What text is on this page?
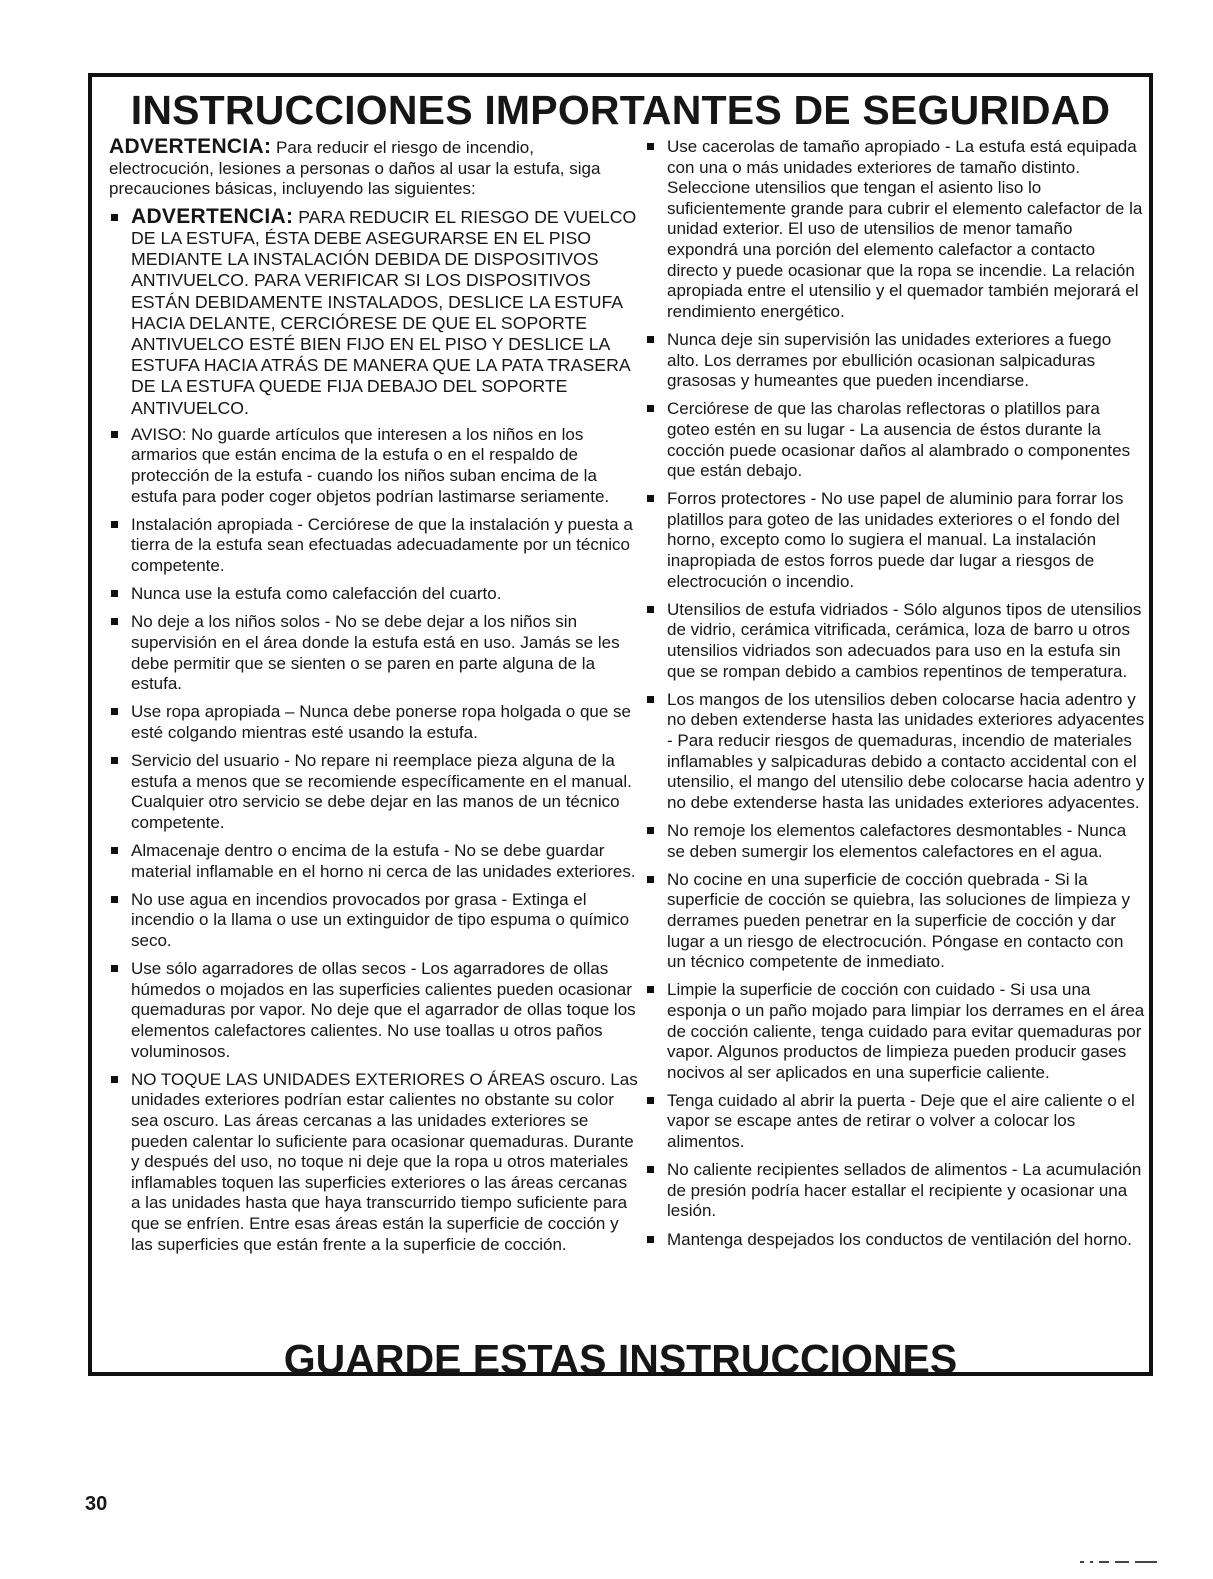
INSTRUCCIONES IMPORTANTES DE SEGURIDAD

ADVERTENCIA: Para reducir el riesgo de incendio, electrocución, lesiones a personas o daños al usar la estufa, siga precauciones básicas, incluyendo las siguientes:

ADVERTENCIA: PARA REDUCIR EL RIESGO DE VUELCO DE LA ESTUFA, ÉSTA DEBE ASEGURARSE EN EL PISO MEDIANTE LA INSTALACIÓN DEBIDA DE DISPOSITIVOS ANTIVUELCO. PARA VERIFICAR SI LOS DISPOSITIVOS ESTÁN DEBIDAMENTE INSTALADOS, DESLICE LA ESTUFA HACIA DELANTE, CERCIÓRESE DE QUE EL SOPORTE ANTIVUELCO ESTÉ BIEN FIJO EN EL PISO Y DESLICE LA ESTUFA HACIA ATRÁS DE MANERA QUE LA PATA TRASERA DE LA ESTUFA QUEDE FIJA DEBAJO DEL SOPORTE ANTIVUELCO.
AVISO: No guarde artículos que interesen a los niños en los armarios que están encima de la estufa o en el respaldo de protección de la estufa - cuando los niños suban encima de la estufa para poder coger objetos podrían lastimarse seriamente.
Instalación apropiada - Cerciórese de que la instalación y puesta a tierra de la estufa sean efectuadas adecuadamente por un técnico competente.
Nunca use la estufa como calefacción del cuarto.
No deje a los niños solos - No se debe dejar a los niños sin supervisión en el área donde la estufa está en uso. Jamás se les debe permitir que se sienten o se paren en parte alguna de la estufa.
Use ropa apropiada – Nunca debe ponerse ropa holgada o que se esté colgando mientras esté usando la estufa.
Servicio del usuario - No repare ni reemplace pieza alguna de la estufa a menos que se recomiende específicamente en el manual. Cualquier otro servicio se debe dejar en las manos de un técnico competente.
Almacenaje dentro o encima de la estufa - No se debe guardar material inflamable en el horno ni cerca de las unidades exteriores.
No use agua en incendios provocados por grasa - Extinga el incendio o la llama o use un extinguidor de tipo espuma o químico seco.
Use sólo agarradores de ollas secos - Los agarradores de ollas húmedos o mojados en las superficies calientes pueden ocasionar quemaduras por vapor. No deje que el agarrador de ollas toque los elementos calefactores calientes. No use toallas u otros paños voluminosos.
NO TOQUE LAS UNIDADES EXTERIORES O ÁREAS oscuro. Las unidades exteriores podrían estar calientes no obstante su color sea oscuro. Las áreas cercanas a las unidades exteriores se pueden calentar lo suficiente para ocasionar quemaduras. Durante y después del uso, no toque ni deje que la ropa u otros materiales inflamables toquen las superficies exteriores o las áreas cercanas a las unidades hasta que haya transcurrido tiempo suficiente para que se enfríen. Entre esas áreas están la superficie de cocción y las superficies que están frente a la superficie de cocción.
Use cacerolas de tamaño apropiado - La estufa está equipada con una o más unidades exteriores de tamaño distinto. Seleccione utensilios que tengan el asiento liso lo suficientemente grande para cubrir el elemento calefactor de la unidad exterior. El uso de utensilios de menor tamaño expondrá una porción del elemento calefactor a contacto directo y puede ocasionar que la ropa se incendie. La relación apropiada entre el utensilio y el quemador también mejorará el rendimiento energético.
Nunca deje sin supervisión las unidades exteriores a fuego alto. Los derrames por ebullición ocasionan salpicaduras grasosas y humeantes que pueden incendiarse.
Cerciórese de que las charolas reflectoras o platillos para goteo estén en su lugar - La ausencia de éstos durante la cocción puede ocasionar daños al alambrado o componentes que están debajo.
Forros protectores - No use papel de aluminio para forrar los platillos para goteo de las unidades exteriores o el fondo del horno, excepto como lo sugiera el manual. La instalación inapropiada de estos forros puede dar lugar a riesgos de electrocución o incendio.
Utensilios de estufa vidriados - Sólo algunos tipos de utensilios de vidrio, cerámica vitrificada, cerámica, loza de barro u otros utensilios vidriados son adecuados para uso en la estufa sin que se rompan debido a cambios repentinos de temperatura.
Los mangos de los utensilios deben colocarse hacia adentro y no deben extenderse hasta las unidades exteriores adyacentes - Para reducir riesgos de quemaduras, incendio de materiales inflamables y salpicaduras debido a contacto accidental con el utensilio, el mango del utensilio debe colocarse hacia adentro y no debe extenderse hasta las unidades exteriores adyacentes.
No remoje los elementos calefactores desmontables - Nunca se deben sumergir los elementos calefactores en el agua.
No cocine en una superficie de cocción quebrada - Si la superficie de cocción se quiebra, las soluciones de limpieza y derrames pueden penetrar en la superficie de cocción y dar lugar a un riesgo de electrocución. Póngase en contacto con un técnico competente de inmediato.
Limpie la superficie de cocción con cuidado - Si usa una esponja o un paño mojado para limpiar los derrames en el área de cocción caliente, tenga cuidado para evitar quemaduras por vapor. Algunos productos de limpieza pueden producir gases nocivos al ser aplicados en una superficie caliente.
Tenga cuidado al abrir la puerta - Deje que el aire caliente o el vapor se escape antes de retirar o volver a colocar los alimentos.
No caliente recipientes sellados de alimentos - La acumulación de presión podría hacer estallar el recipiente y ocasionar una lesión.
Mantenga despejados los conductos de ventilación del horno.
GUARDE ESTAS INSTRUCCIONES
30
